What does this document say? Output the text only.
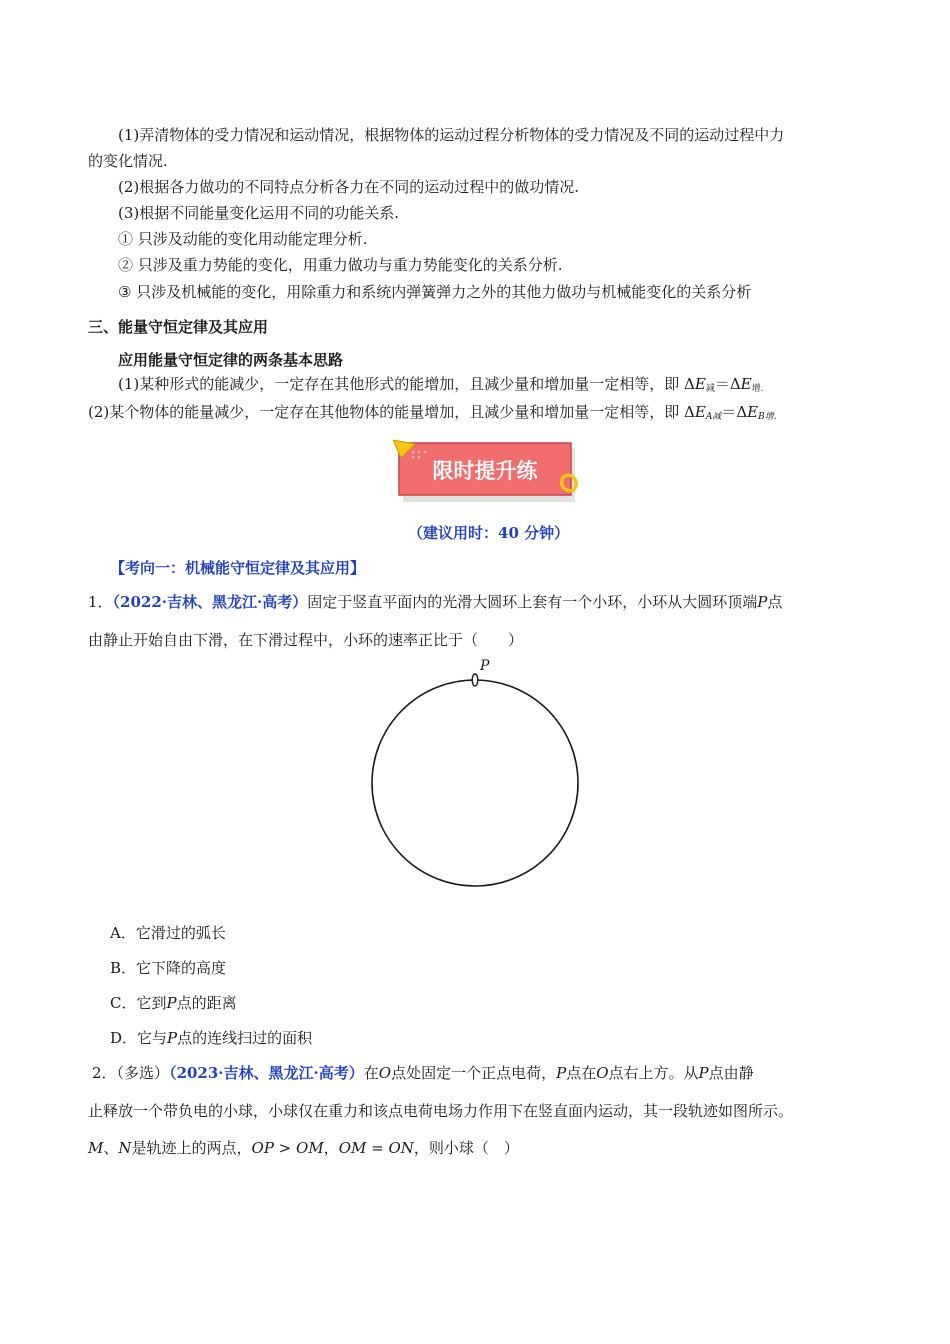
(1)弄清物体的受力情况和运动情况，根据物体的运动过程分析物体的受力情况及不同的运动过程中力
的变化情况.
(2)根据各力做功的不同特点分析各力在不同的运动过程中的做功情况.
(3)根据不同能量变化运用不同的功能关系.
① 只涉及动能的变化用动能定理分析.
② 只涉及重力势能的变化，用重力做功与重力势能变化的关系分析.
③ 只涉及机械能的变化，用除重力和系统内弹簧弹力之外的其他力做功与机械能变化的关系分析
三、能量守恒定律及其应用
应用能量守恒定律的两条基本思路
(1)某种形式的能减少，一定存在其他形式的能增加，且减少量和增加量一定相等，即 $\Delta E_减=\Delta E_{增.}$
(2)某个物体的能量减少，一定存在其他物体的能量增加，且减少量和增加量一定相等，即 $\Delta E_{A减}=\Delta E_{B增.}$
限时提升练
（建议用时：40 分钟）
【考向一：机械能守恒定律及其应用】
1．（2022·吉林、黑龙江·高考）固定于竖直平面内的光滑大圆环上套有一个小环，小环从大圆环顶端P点
由静止开始自由下滑，在下滑过程中，小环的速率正比于（　　）
P
A．它滑过的弧长
B．它下降的高度
C．它到P点的距离
D．它与P点的连线扫过的面积
2．（多选）（2023·吉林、黑龙江·高考）在O点处固定一个正点电荷，P点在O点右上方。从P点由静
止释放一个带负电的小球，小球仅在重力和该点电荷电场力作用下在竖直面内运动，其一段轨迹如图所示。
M、N是轨迹上的两点，OP > OM，OM = ON，则小球（　）
